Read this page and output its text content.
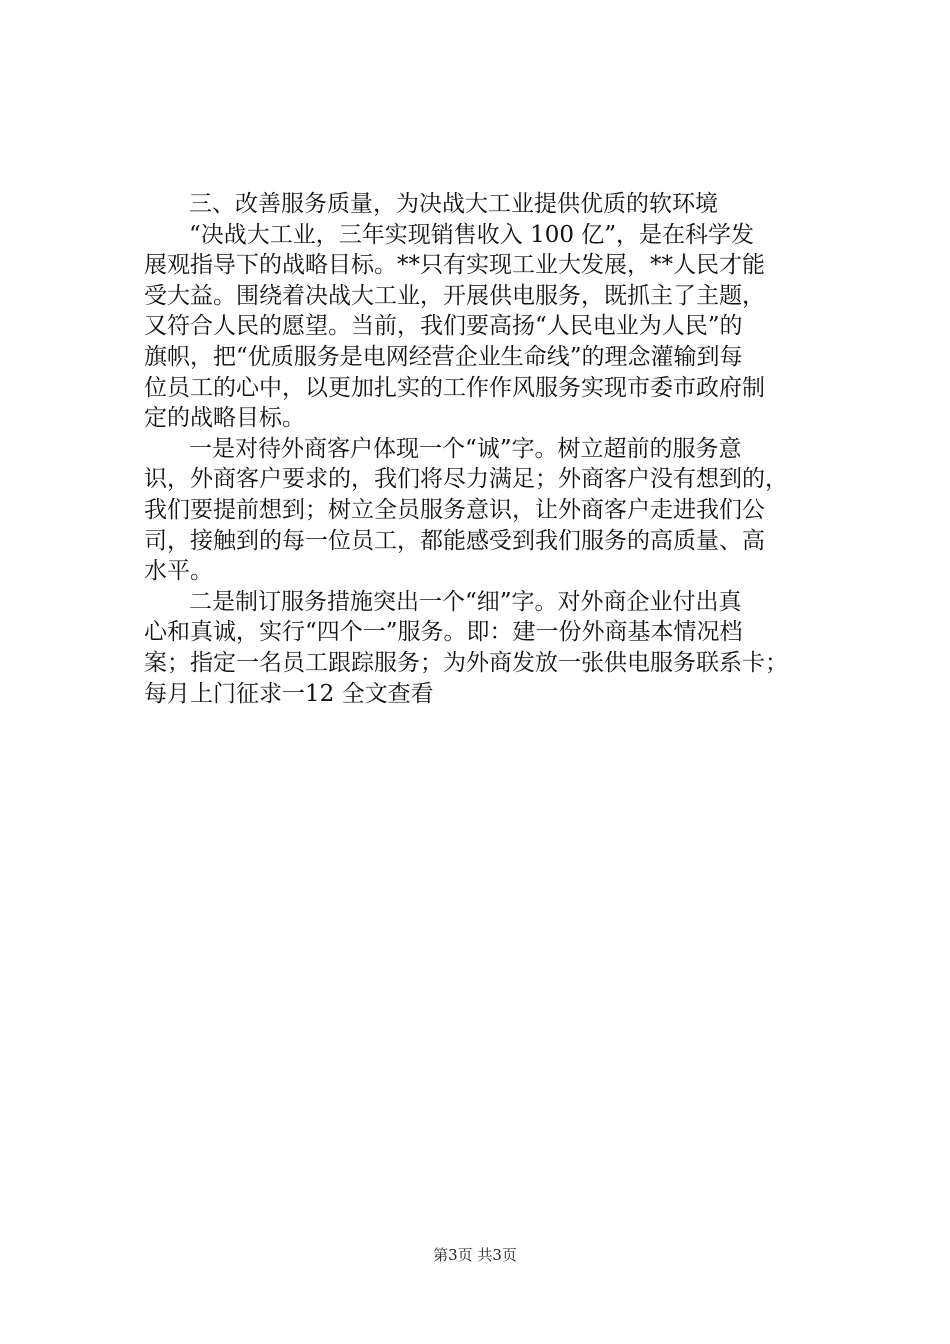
三、改善服务质量，为决战大工业提供优质的软环境
“决战大工业，三年实现销售收入 100 亿”，是在科学发
展观指导下的战略目标。**只有实现工业大发展，**人民才能
受大益。围绕着决战大工业，开展供电服务，既抓主了主题，
又符合人民的愿望。当前，我们要高扬“人民电业为人民”的
旗帜，把“优质服务是电网经营企业生命线”的理念灌输到每
位员工的心中，以更加扎实的工作作风服务实现市委市政府制
定的战略目标。
一是对待外商客户体现一个“诚”字。树立超前的服务意
识，外商客户要求的，我们将尽力满足；外商客户没有想到的，
我们要提前想到；树立全员服务意识，让外商客户走进我们公
司，接触到的每一位员工，都能感受到我们服务的高质量、高
水平。
二是制订服务措施突出一个“细”字。对外商企业付出真
心和真诚，实行“四个一”服务。即：建一份外商基本情况档
案；指定一名员工跟踪服务；为外商发放一张供电服务联系卡；
每月上门征求一12 全文查看
第3页 共3页
